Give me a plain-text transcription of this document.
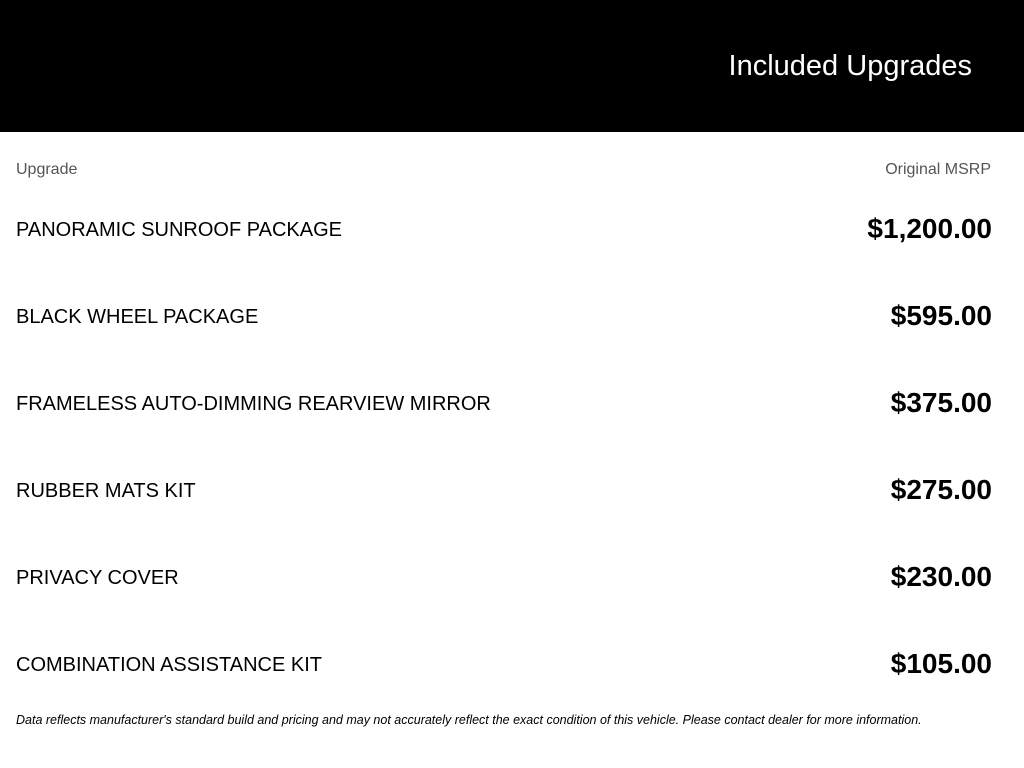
Included Upgrades
Upgrade	Original MSRP
PANORAMIC SUNROOF PACKAGE	$1,200.00
BLACK WHEEL PACKAGE	$595.00
FRAMELESS AUTO-DIMMING REARVIEW MIRROR	$375.00
RUBBER MATS KIT	$275.00
PRIVACY COVER	$230.00
COMBINATION ASSISTANCE KIT	$105.00
Data reflects manufacturer's standard build and pricing and may not accurately reflect the exact condition of this vehicle. Please contact dealer for more information.
